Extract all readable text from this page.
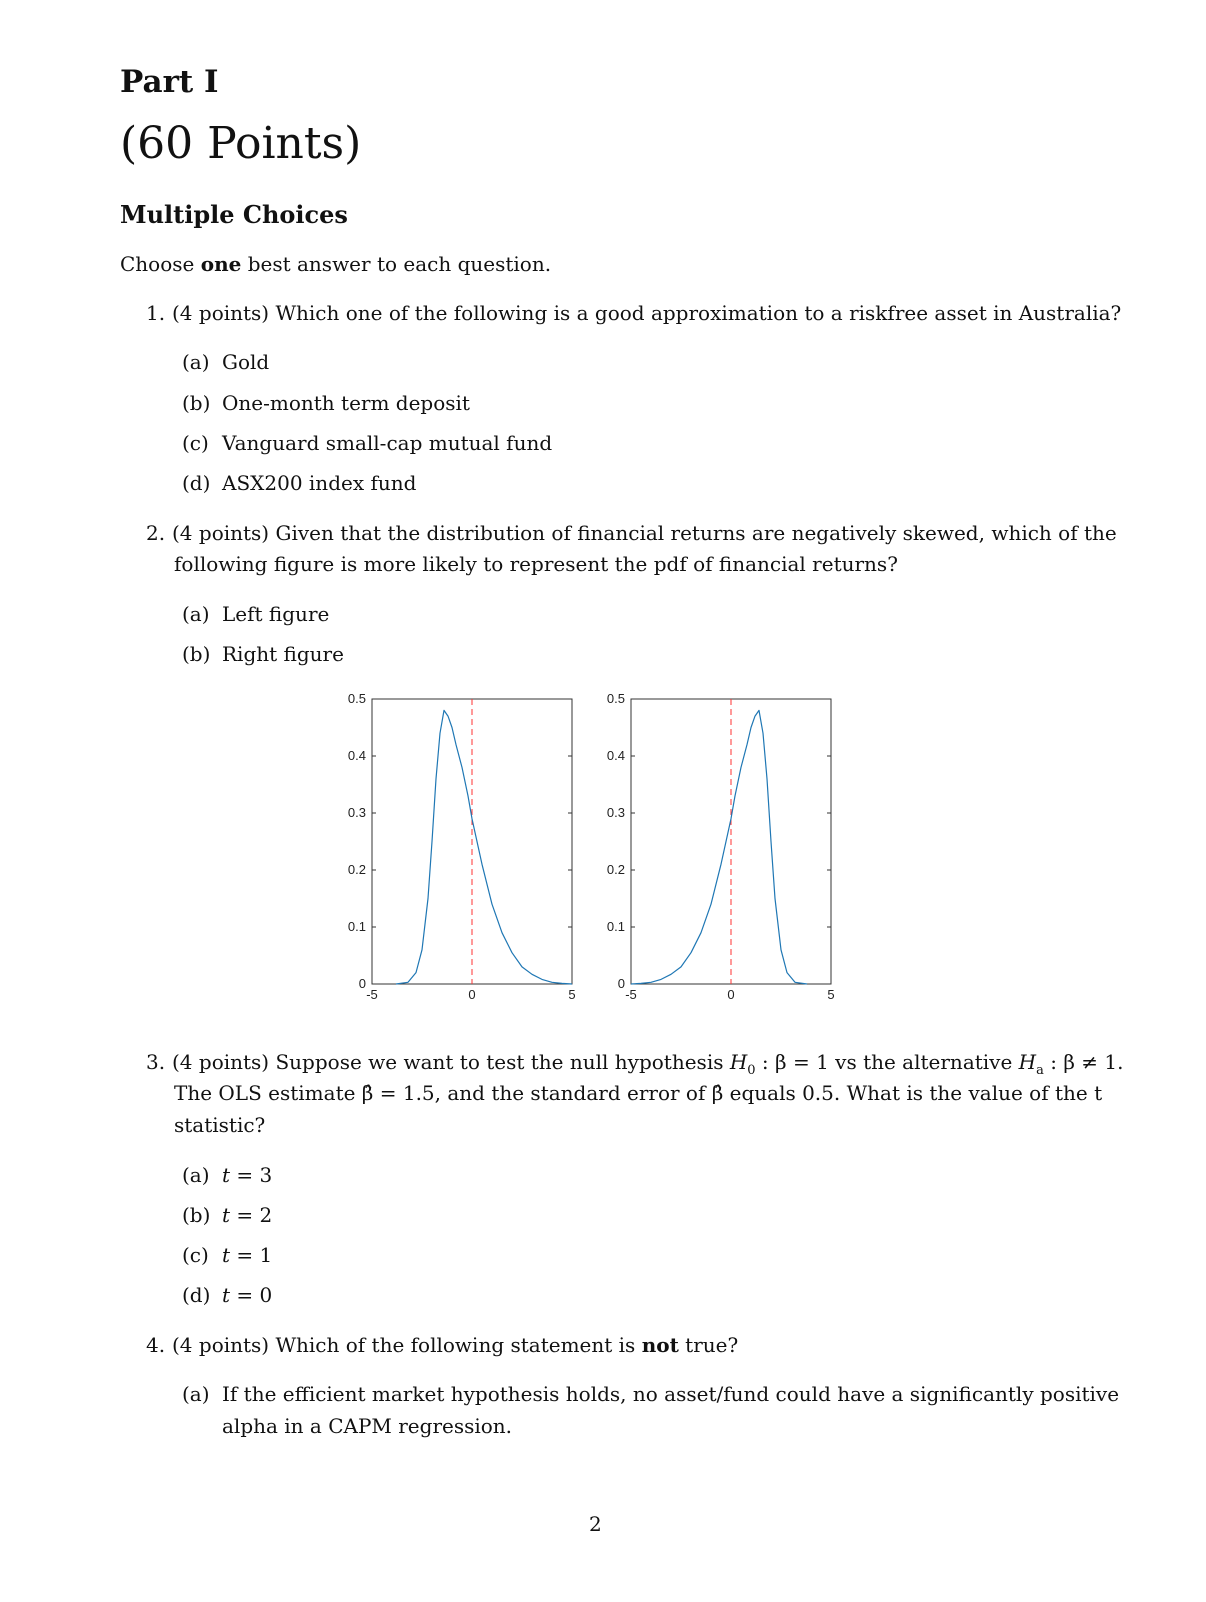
Part I
(60 Points)
Multiple Choices
Choose one best answer to each question.
1. (4 points) Which one of the following is a good approximation to a riskfree asset in Australia?
(a) Gold
(b) One-month term deposit
(c) Vanguard small-cap mutual fund
(d) ASX200 index fund
2. (4 points) Given that the distribution of financial returns are negatively skewed, which of the
following figure is more likely to represent the pdf of financial returns?
(a) Left figure
(b) Right figure
0
0.1
0.2
0.3
0.4
0.5
-5	0	5
0
0.1
0.2
0.3
0.4
0.5
-5	0	5
3. (4 points) Suppose we want to test the null hypothesis $H_0$ : β = 1 vs the alternative $H_a$ : β ≠ 1.
The OLS estimate β̂ = 1.5, and the standard error of β̂ equals 0.5. What is the value of the t
statistic?
(a) t = 3
(b) t = 2
(c) t = 1
(d) t = 0
4. (4 points) Which of the following statement is not true?
(a) If the efficient market hypothesis holds, no asset/fund could have a significantly positive
alpha in a CAPM regression.
2
